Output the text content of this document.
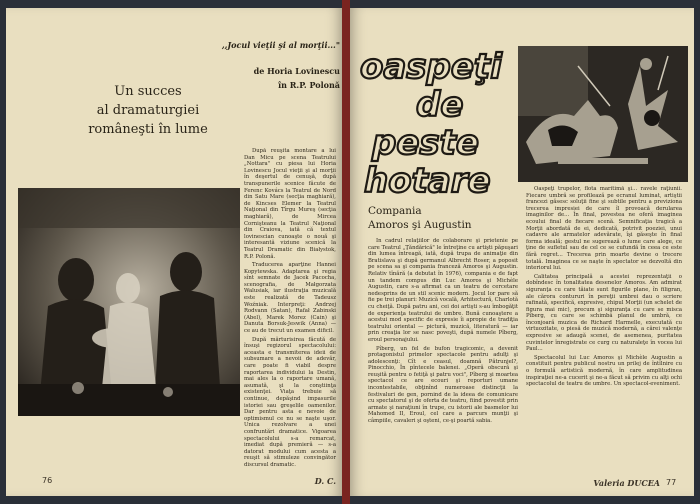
,,Jocul vieţii şi al morţii..."
de Horia Lovinescu
în R.P. Polonă
Un succes
al dramaturgiei
româneşti în lume

După reuşita montare a lui Dan Micu pe scena Teatrului „Nottara" cu piesa lui Horia Lovinescu Jocul vieţii şi al morţii în deşertul de cenuşă, după transpunerile scenice făcute de Ferenc Kovács la Teatrul de Nord din Satu Mare (secţia maghiară), de Kincses Elemer la Teatrul Naţional din Tîrgu Mureş (secţia maghiară), de Mircea Cornişteanu la Teatrul Naţional din Craiova, iată că textul lovinescian cunoaşte o nouă şi interesantă viziune scenică la Teatrul Dramatic din Białystok, R.P. Polonă.

Traducerea aparţine Hannei Kopytewska. Adaptarea şi regia sînt semnate de Jacek Pacocha, scenografia, de Małgorzata Walusiak, iar ilustraţia muzicală este realizată de Tadeusz Woźniak. Interpreţi: Andrzej Rodvann (Satan), Rafał Zabinski (Abel), Marek Morez (Cain) şi Danuta Borsuk-Jeswik (Anna) — ce au de trecut un examen dificil.

După mărturisirea făcută de însuşi regizorul spectacolului: aceasta e transmiterea ideii de subsumare a nevoii de adevăr, care poate fi viabil despre raportarea individului la Destin, mai ales la o raportare umană, asumată, şi la conştiinţa existenţei. Viaţa trebuie să continue, depăşind impasurile istoriei sau greşelile oamenilor. Dar pentru asta e nevoie de optimismul ce nu se naşte uşor. Unica rezolvare a unei confruntări dramatice. Vigoarea spectacolului s-a remarcat, imediat după premieră — s-a datorat modului cum acesta a reuşit să stimuleze convingător discursul dramatic.

D. C.
76
oaspeţi
de
peste
hotare
Compania
Amoros şi Augustin

În cadrul relaţiilor de colaborare şi prietenie pe care Teatrul „Ţăndărică" le întreţine cu artişti păpuşari din lumea întreagă, iată, după trupa de animaţie din Bratislava şi după germanul Albrecht Roser, a poposit pe scena sa şi compania franceză Amoros şi Augustin. Relativ tînără (a debutat în 1976), compania e de fapt un tandem compus din Luc Amoros şi Michèle Augustin, care s-a afirmat ca un teatru de cercetare nedesprins de un stil scenic modern. Jocul lor pare să fie pe trei planuri: Muzică vocală, Arhitectură, Charlotă cu cheiţă. După patru ani, cei doi artişti s-au îmbogăţit de experienţa teatrului de umbre. Bună cunoaştere a acestui mod specific de expresie îi apropie de tradiţia teatrului oriental — pictură, muzică, literatură — iar prin creaţia lor se nasc poveşti, după numele Pîberg, eroul personajului.

Pîberg, un fel de bufon tragicomic, a devenit protagonistul primelor spectacole pentru adulţi şi adolescenţi: Cît e ceasul, doamnă Pătrunjel?, Pinocchio, În pîntecele balenei. „Operă obscură şi reuşită pentru o fetiţă şi patru voci", Pîberg şi moartea spectacol ce are ecouri şi reporturi umane incontestabile, obţinînd numeroase distincţii la festivaluri de gen, pornind de la ideea de comunicare cu spectatorul şi de oferta de teatru, fiind povestit prin armate şi naraţiuni în trupe, cu istorii ale basmelor lui Mahomed II, Eroul, cel care a parcurs munţii şi câmpiile, cavaleri şi oşteni, ce-şi poartă sabia.

Oaspeţi trupelor, flota maritimă şi... ravele raţiunii. Fiecare umbră se profilează pe ecranul luminat, artiştii francezi găsesc soluţii fine şi subtile pentru a previziona trecerea impresiei de care îl provoacă derularea imaginilor de... În final, povestea ne oferă imaginea ecoului final de fiecare scenă. Semnificaţia tragică a Morţii abordată de ei, dedicată, potrivit poeziei, unui cadavre ale armatelor adevărate, îşi găseşte în final forma ideală; gestul ne sugerează o lume care alege, ce ţine de sufletul sau de cel ce se cufundă în ceea ce este fără regret... Trecerea prin moarte devine o trecere totală. Imaginea ce se naşte în spectator se dezvoltă din interiorul lui.

Calitatea principală a acestei reprezentaţii o dobîndesc în tonalitatea desenelor Amoros. Am admirat siguranţa cu care tăiate sunt figurile plane, în filigran, ale cărora contururi în pereţii umbrei dau o scriere rafinată, specifică, expresive, chipul Morţii (un schelet de figura mai mic), precum şi siguranţa cu care se misca Pîberg, cu care se schimbă planul de umbră, ce înconjoară muzica de Richard Harmelle, executată cu virtuozitate, o piesă de muzică modernă, a cărei valenţe expresive se adaugă scenei, de asemenea, puritatea cuvintelor înregistrate ce curg cu naturaleţe în vocea lui Paul...

Spectacolul lui Luc Amoros şi Michèle Augustin a constituit pentru publicul nostru un prilej de întîlnire cu o formulă artistică modernă, în care amplitudinea inspiraţiei ne-a cucerit şi ne-a făcut să privim cu alţi ochi spectacolul de teatru de umbre. Un spectacol-eveniment.

Valeria DUCEA 77
